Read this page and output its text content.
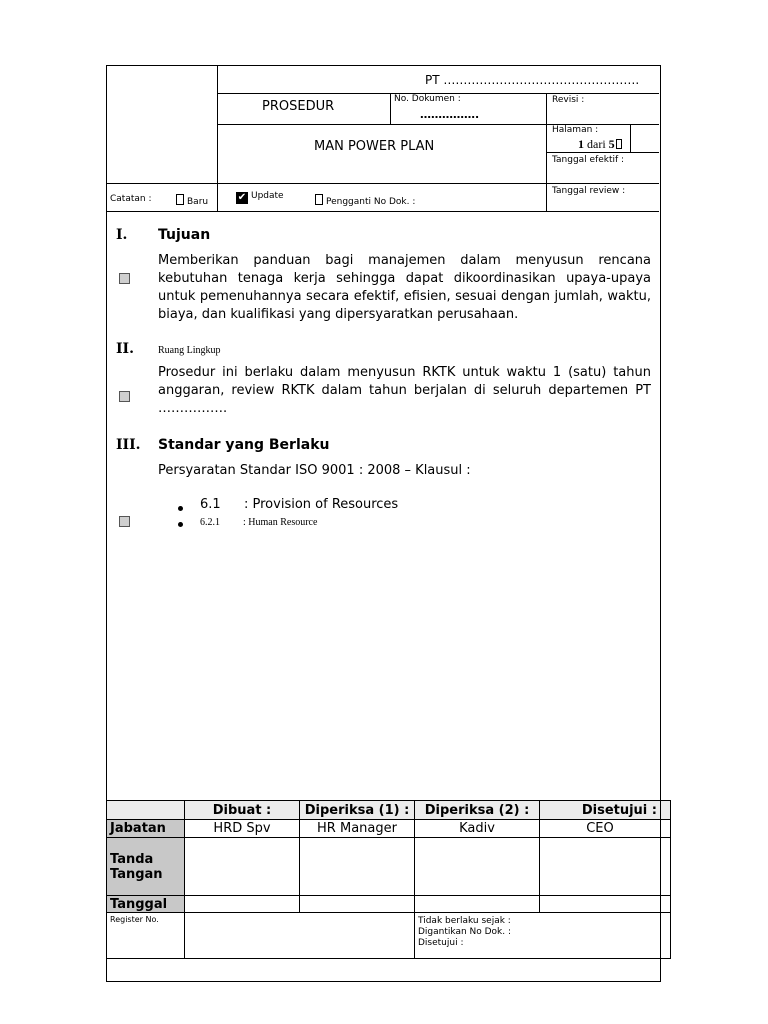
PT ………………………………………….
PROSEDUR	No. Dokumen :
…………….
Revisi :
MAN POWER PLAN
Halaman :
1 dari 5
Tanggal efektif :
Tanggal review :
Catatan :	Baru	✔ Update
Pengganti No Dok. :
I. Tujuan
Memberikan panduan bagi manajemen dalam menyusun rencana kebutuhan tenaga kerja sehingga dapat dikoordinasikan upaya-upaya untuk pemenuhannya secara efektif, efisien, sesuai dengan jumlah, waktu, biaya, dan kualifikasi yang dipersyaratkan perusahaan.
II. Ruang Lingkup
Prosedur ini berlaku dalam menyusun RKTK untuk waktu 1 (satu) tahun anggaran, review RKTK dalam tahun berjalan di seluruh departemen PT …………….
III. Standar yang Berlaku
Persyaratan Standar ISO 9001 : 2008 – Klausul :
6.1 : Provision of Resources
6.2.1 : Human Resource
	Dibuat :	Diperiksa (1) :	Diperiksa (2) :	Disetujui :	
Jabatan	HRD Spv	HR Manager	Kadiv	CEO	
Tanda Tangan					
Tanggal					
Register No.			Tidak berlaku sejak :
Digantikan No Dok. :
Disetujui :		
